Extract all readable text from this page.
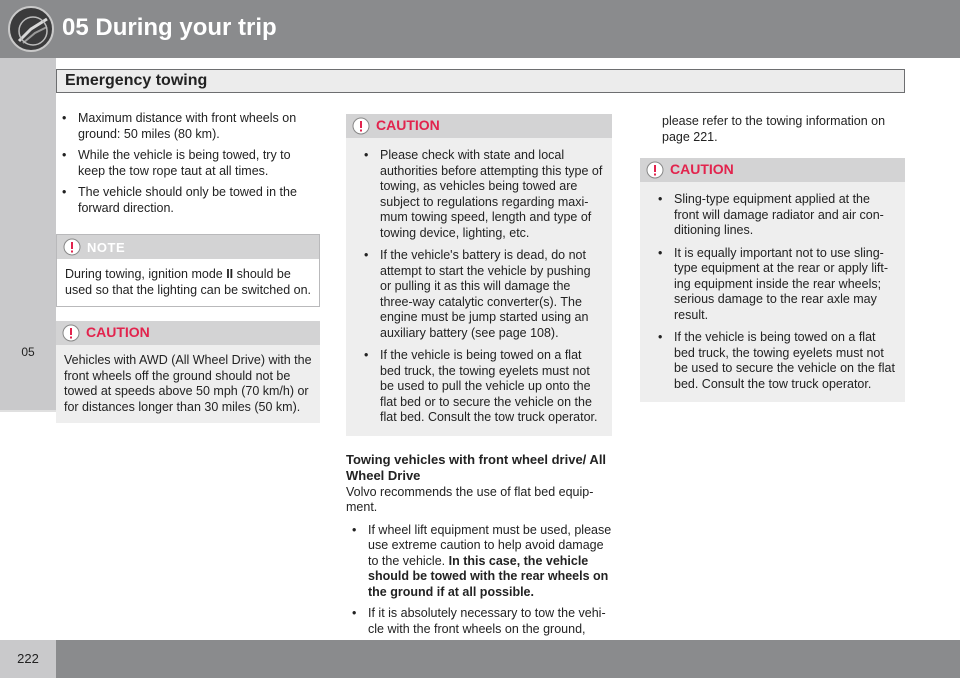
05 During your trip
05
Emergency towing
• Maximum distance with front wheels on ground: 50 miles (80 km).
• While the vehicle is being towed, try to keep the tow rope taut at all times.
• The vehicle should only be towed in the forward direction.
NOTE
During towing, ignition mode II should be used so that the lighting can be switched on.
CAUTION
Vehicles with AWD (All Wheel Drive) with the front wheels off the ground should not be towed at speeds above 50 mph (70 km/h) or for distances longer than 30 miles (50 km).
CAUTION
• Please check with state and local authorities before attempting this type of towing, as vehicles being towed are subject to regulations regarding maxi-mum towing speed, length and type of towing device, lighting, etc.
• If the vehicle's battery is dead, do not attempt to start the vehicle by pushing or pulling it as this will damage the three-way catalytic converter(s). The engine must be jump started using an auxiliary battery (see page 108).
• If the vehicle is being towed on a flat bed truck, the towing eyelets must not be used to pull the vehicle up onto the flat bed or to secure the vehicle on the flat bed. Consult the tow truck operator.
Towing vehicles with front wheel drive/ All Wheel Drive
Volvo recommends the use of flat bed equip-ment.
• If wheel lift equipment must be used, please use extreme caution to help avoid damage to the vehicle. In this case, the vehicle should be towed with the rear wheels on the ground if at all possible.
• If it is absolutely necessary to tow the vehi-cle with the front wheels on the ground,
please refer to the towing information on page 221.
CAUTION
• Sling-type equipment applied at the front will damage radiator and air con-ditioning lines.
• It is equally important not to use sling-type equipment at the rear or apply lift-ing equipment inside the rear wheels; serious damage to the rear axle may result.
• If the vehicle is being towed on a flat bed truck, the towing eyelets must not be used to secure the vehicle on the flat bed. Consult the tow truck operator.
222
